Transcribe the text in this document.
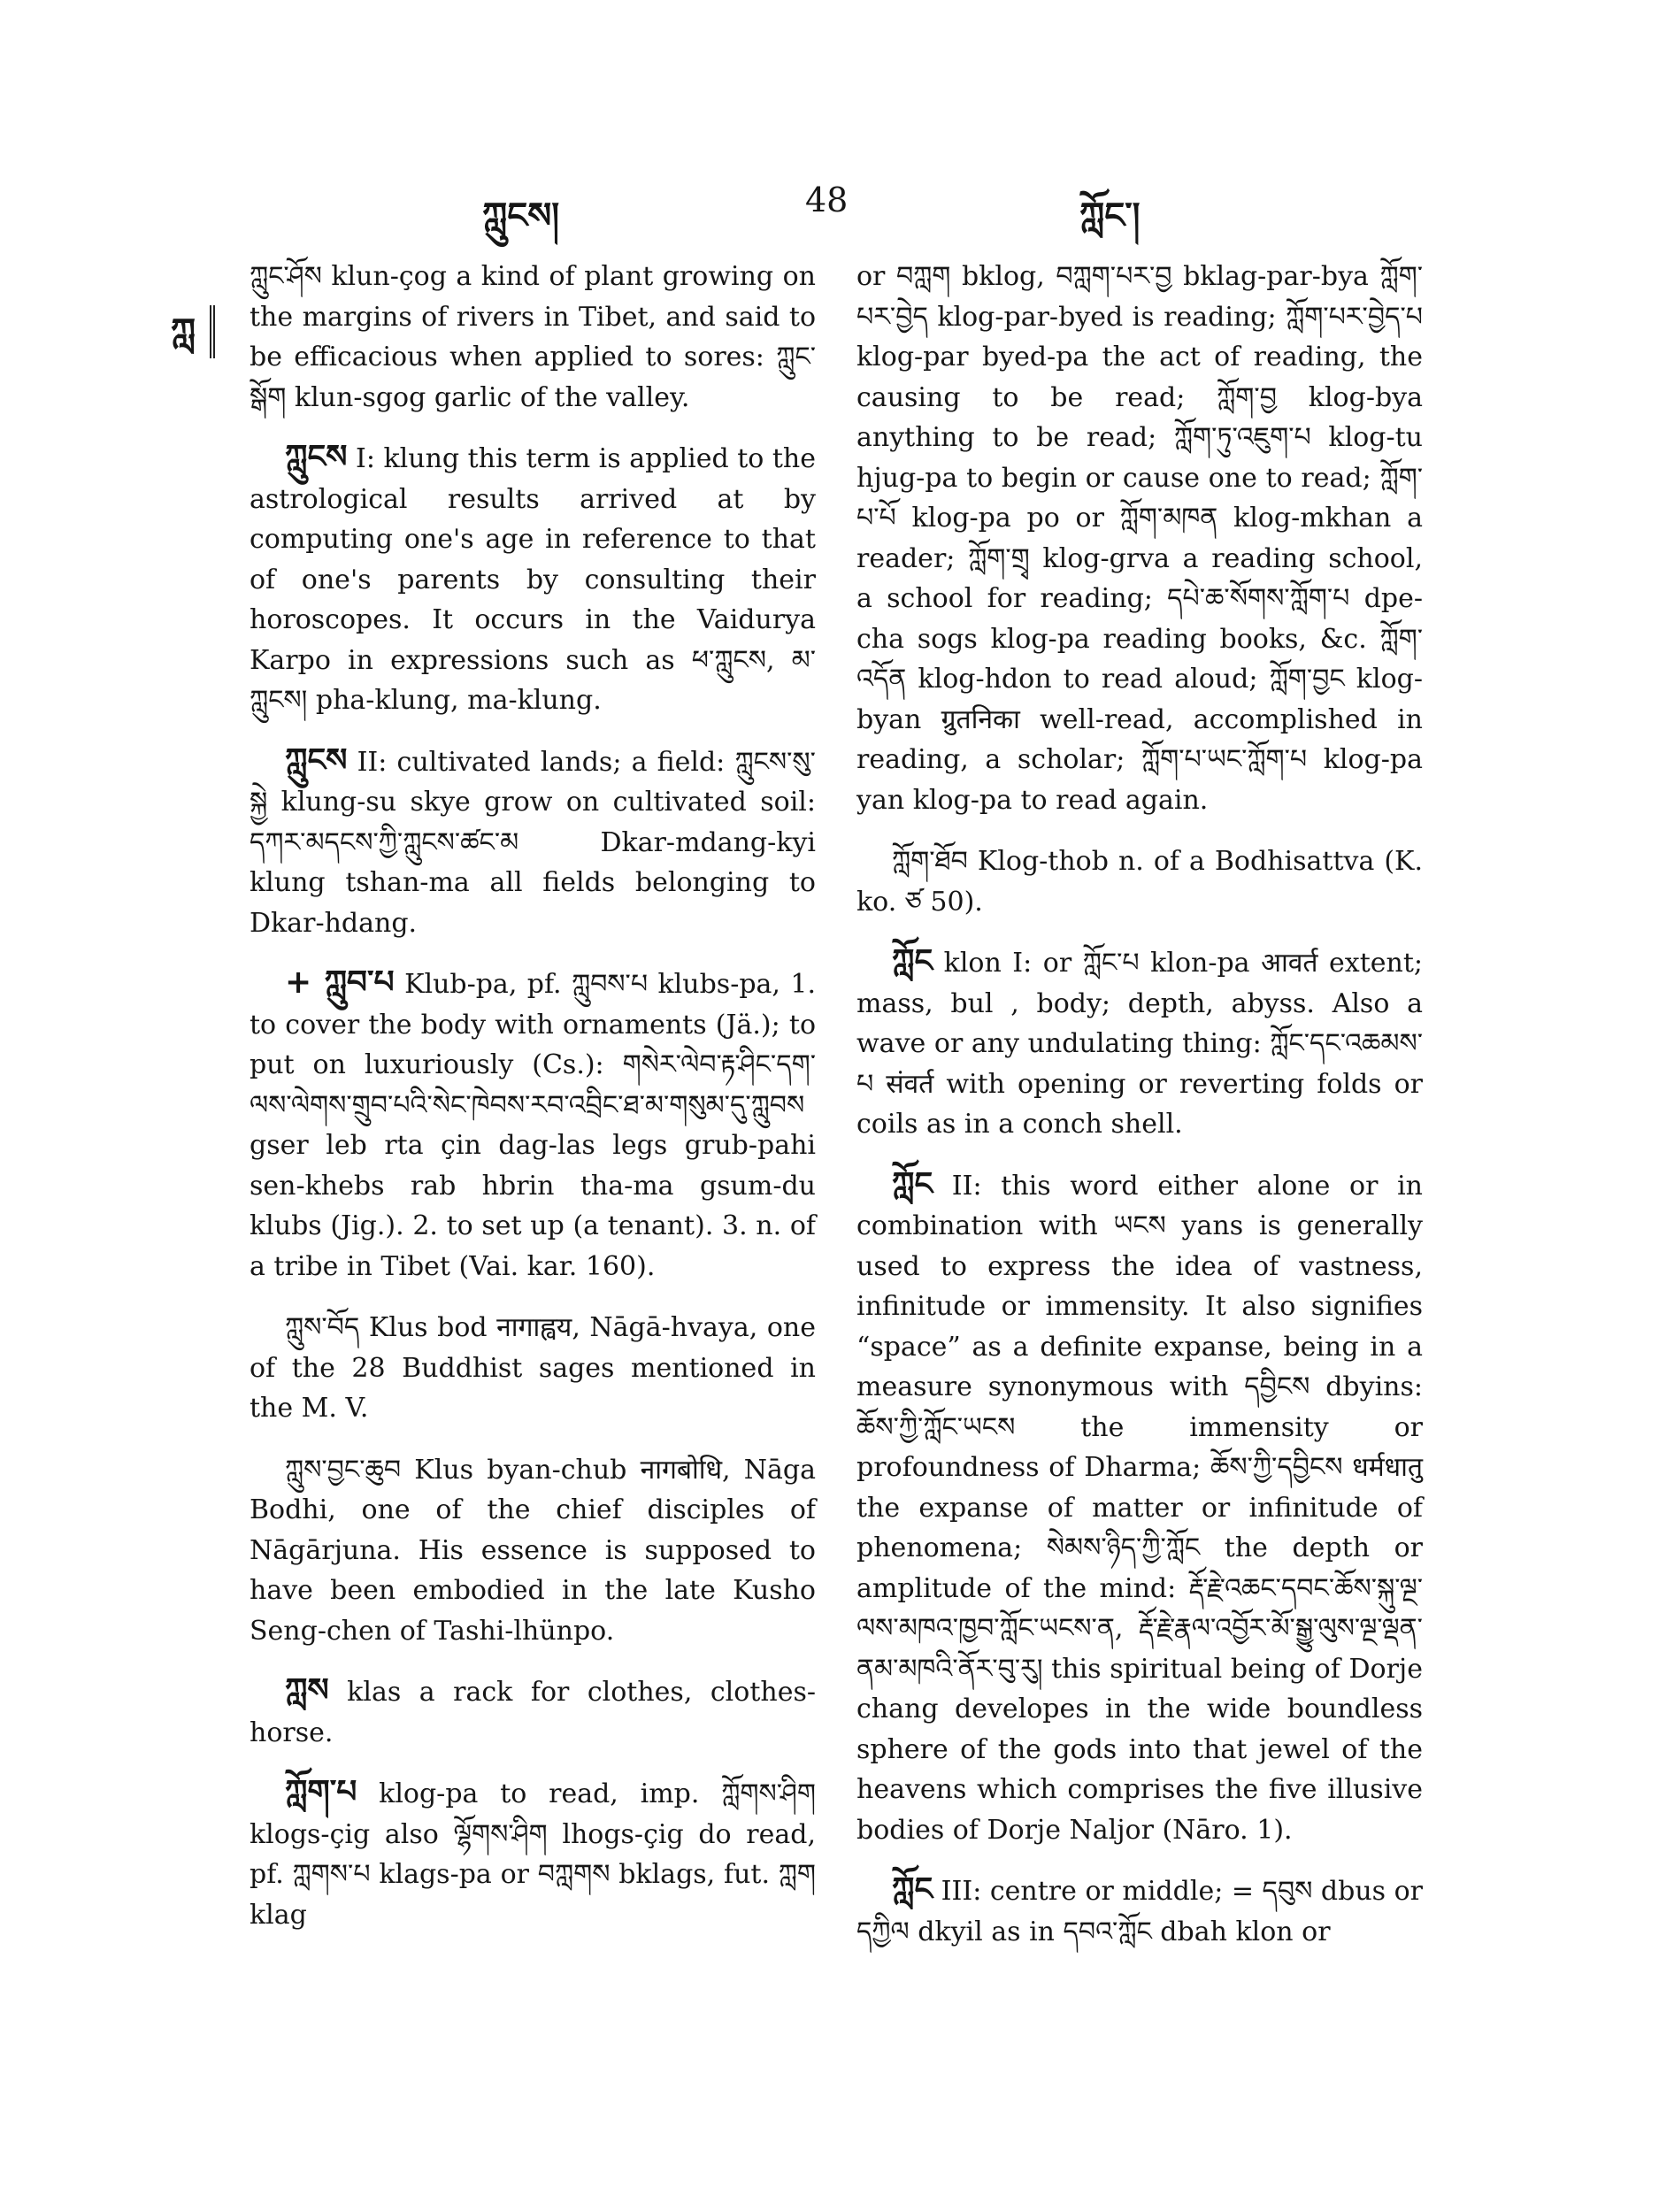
ཀླུངས།	48	ཀློང་།
ཀླ

ཀླུང་ཤོས klun-çog a kind of plant growing on the margins of rivers in Tibet, and said to be efficacious when applied to sores: ཀླུང་སྒོག klun-sgog garlic of the valley.

ཀླུངས I: klung this term is applied to the astrological results arrived at by computing one's age in reference to that of one's parents by consulting their horoscopes. It occurs in the Vaidurya Karpo in expressions such as ཕ་ཀླུངས, མ་ཀླུངས། pha-klung, ma-klung.

ཀླུངས II: cultivated lands; a field: ཀླུངས་སུ་སྐྱེ klung-su skye grow on cultivated soil: དཀར་མདངས་ཀྱི་ཀླུངས་ཚང་མ Dkar-mdang-kyi klung tshan-ma all fields belonging to Dkar-hdang.

+ ཀླུབ་པ Klub-pa, pf. ཀླུབས་པ klubs-pa, 1. to cover the body with ornaments (Jä.); to put on luxuriously (Cs.): གསེར་ལེབ་རྟ་ཤིང་དག་ལས་ལེགས་གྲུབ་པའི་སེང་ཁེབས་རབ་འབྲིང་ཐ་མ་གསུམ་དུ་ཀླུབས gser leb rta çin dag-las legs grub-pahi sen-khebs rab hbrin tha-ma gsum-du klubs (Jig.). 2. to set up (a tenant). 3. n. of a tribe in Tibet (Vai. kar. 160).

ཀླུས་བོད Klus bod नागाह्वय, Nāgā-hvaya, one of the 28 Buddhist sages mentioned in the M. V.

ཀླུས་བྱང་ཆུབ Klus byan-chub नागबोधि, Nāga Bodhi, one of the chief disciples of Nāgārjuna. His essence is supposed to have been embodied in the late Kusho Seng-chen of Tashi-lhünpo.

ཀླས klas a rack for clothes, clothes-horse.

ཀློག་པ klog-pa to read, imp. ཀློགས་ཤིག klogs-çig also ལྷོགས་ཤིག lhogs-çig do read, pf. ཀླགས་པ klags-pa or བཀླགས bklags, fut. ཀླག klag

or བཀླག bklog, བཀླག་པར་བྱ bklag-par-bya ཀློག་པར་བྱེད klog-par-byed is reading; ཀློག་པར་བྱེད་པ klog-par byed-pa the act of reading, the causing to be read; ཀློག་བྱ klog-bya anything to be read; ཀློག་ཏུ་འཇུག་པ klog-tu hjug-pa to begin or cause one to read; ཀློག་པ་པོ klog-pa po or ཀློག་མཁན klog-mkhan a reader; ཀློག་གྲྭ klog-grva a reading school, a school for reading; དཔེ་ཆ་སོགས་ཀློག་པ dpe-cha sogs klog-pa reading books, &c. ཀློག་འདོན klog-hdon to read aloud; ཀློག་བྱང klog-byan ग्रुतनिका well-read, accomplished in reading, a scholar; ཀློག་པ་ཡང་ཀློག་པ klog-pa yan klog-pa to read again.

ཀློག་ཐོབ Klog-thob n. of a Bodhisattva (K. ko. ཙ 50).

ཀློང klon I: or ཀློང་པ klon-pa आवर्त extent; mass, bul , body; depth, abyss. Also a wave or any undulating thing: ཀློང་དང་འཆམས་པ संवर्त with opening or reverting folds or coils as in a conch shell.

ཀློང II: this word either alone or in combination with ཡངས yans is generally used to express the idea of vastness, infinitude or immensity. It also signifies “space” as a definite expanse, being in a measure synonymous with དབྱིངས dbyins: ཆོས་ཀྱི་ཀློང་ཡངས the immensity or profoundness of Dharma; ཆོས་ཀྱི་དབྱིངས धर्मधातु the expanse of matter or infinitude of phenomena; སེམས་ཉིད་ཀྱི་ཀློང the depth or amplitude of the mind: རྡོ་རྗེ་འཆང་དབང་ཆོས་སྐུ་ལྔ་ལས་མཁའ་ཁྱབ་ཀློང་ཡངས་ན, རྡོ་རྗེ་རྣལ་འབྱོར་མོ་སྒྱུ་ལུས་ལྔ་ལྡན་ནམ་མཁའི་ནོར་བུ་རུ། this spiritual being of Dorje chang developes in the wide boundless sphere of the gods into that jewel of the heavens which comprises the five illusive bodies of Dorje Naljor (Nāro. 1).

ཀློང III: centre or middle; = དབུས dbus or དཀྱིལ dkyil as in དབའ་ཀློང dbah klon or
